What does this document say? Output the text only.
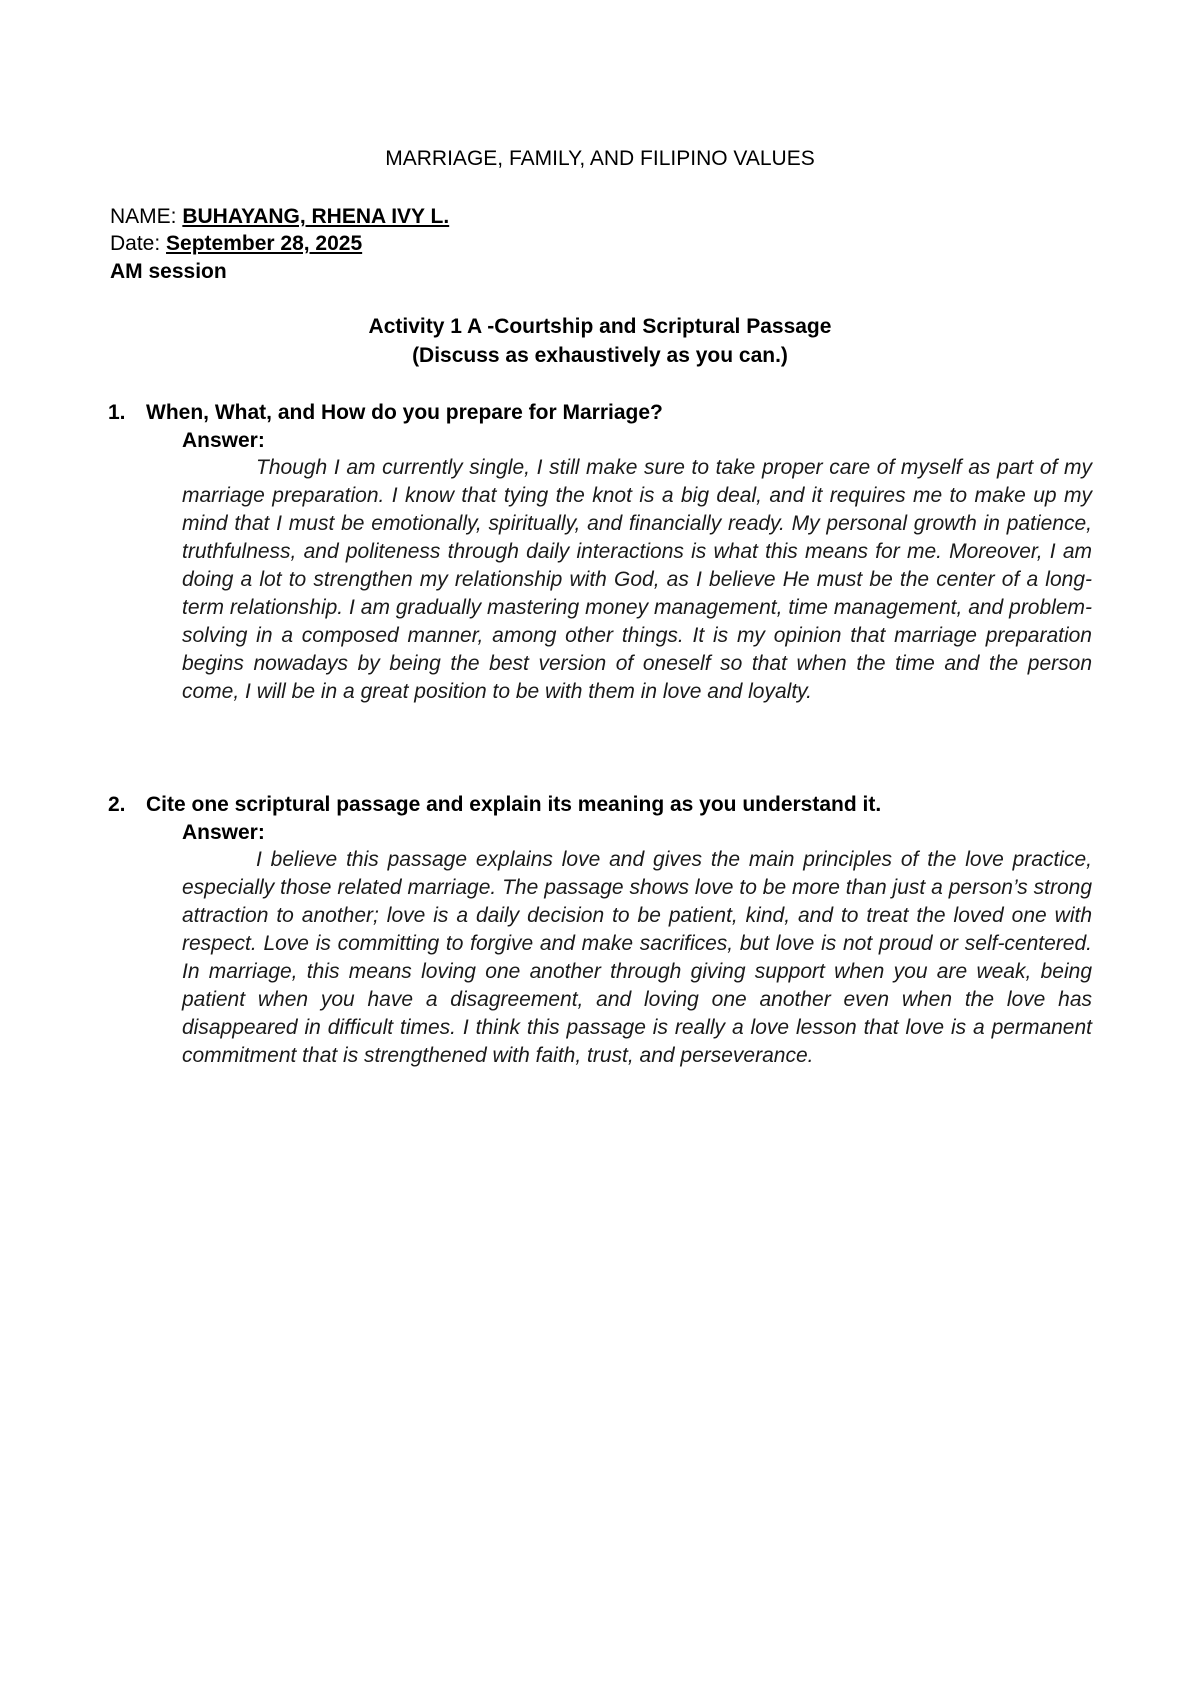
MARRIAGE, FAMILY, AND FILIPINO VALUES
NAME: BUHAYANG, RHENA IVY L.
Date: September 28, 2025
AM session
Activity 1 A -Courtship and Scriptural Passage
(Discuss as exhaustively as you can.)
1. When, What, and How do you prepare for Marriage?
Answer:

Though I am currently single, I still make sure to take proper care of myself as part of my marriage preparation. I know that tying the knot is a big deal, and it requires me to make up my mind that I must be emotionally, spiritually, and financially ready. My personal growth in patience, truthfulness, and politeness through daily interactions is what this means for me. Moreover, I am doing a lot to strengthen my relationship with God, as I believe He must be the center of a long-term relationship. I am gradually mastering money management, time management, and problem-solving in a composed manner, among other things. It is my opinion that marriage preparation begins nowadays by being the best version of oneself so that when the time and the person come, I will be in a great position to be with them in love and loyalty.

2. Cite one scriptural passage and explain its meaning as you understand it.
Answer:

I believe this passage explains love and gives the main principles of the love practice, especially those related marriage. The passage shows love to be more than just a person’s strong attraction to another; love is a daily decision to be patient, kind, and to treat the loved one with respect. Love is committing to forgive and make sacrifices, but love is not proud or self-centered. In marriage, this means loving one another through giving support when you are weak, being patient when you have a disagreement, and loving one another even when the love has disappeared in difficult times. I think this passage is really a love lesson that love is a permanent commitment that is strengthened with faith, trust, and perseverance.
